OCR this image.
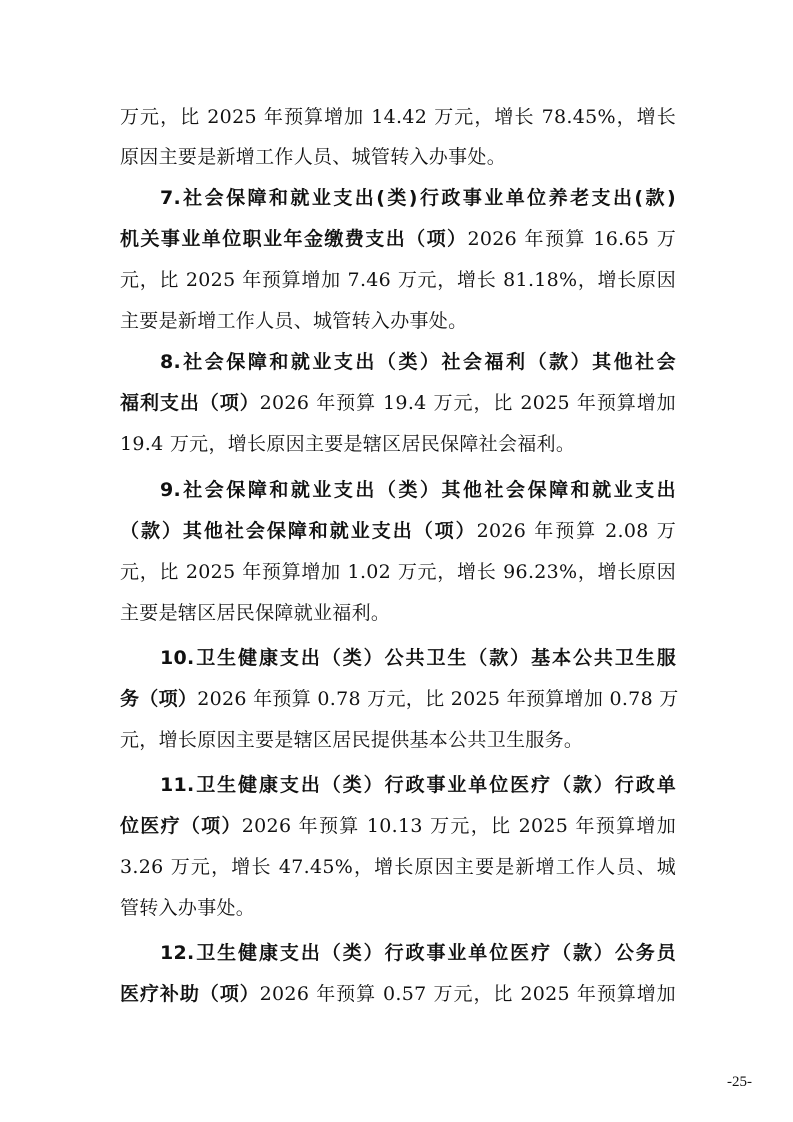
万元，比 2025 年预算增加 14.42 万元，增长 78.45%，增长
原因主要是新增工作人员、城管转入办事处。
7.社会保障和就业支出(类)行政事业单位养老支出(款)
机关事业单位职业年金缴费支出（项）2026 年预算 16.65 万
元，比 2025 年预算增加 7.46 万元，增长 81.18%，增长原因
主要是新增工作人员、城管转入办事处。
8.社会保障和就业支出（类）社会福利（款）其他社会
福利支出（项）2026 年预算 19.4 万元，比 2025 年预算增加
19.4 万元，增长原因主要是辖区居民保障社会福利。
9.社会保障和就业支出（类）其他社会保障和就业支出
（款）其他社会保障和就业支出（项）2026 年预算 2.08 万
元，比 2025 年预算增加 1.02 万元，增长 96.23%，增长原因
主要是辖区居民保障就业福利。
10.卫生健康支出（类）公共卫生（款）基本公共卫生服
务（项）2026 年预算 0.78 万元，比 2025 年预算增加 0.78 万
元，增长原因主要是辖区居民提供基本公共卫生服务。
11.卫生健康支出（类）行政事业单位医疗（款）行政单
位医疗（项）2026 年预算 10.13 万元，比 2025 年预算增加
3.26 万元，增长 47.45%，增长原因主要是新增工作人员、城
管转入办事处。
12.卫生健康支出（类）行政事业单位医疗（款）公务员
医疗补助（项）2026 年预算 0.57 万元，比 2025 年预算增加
-25-
